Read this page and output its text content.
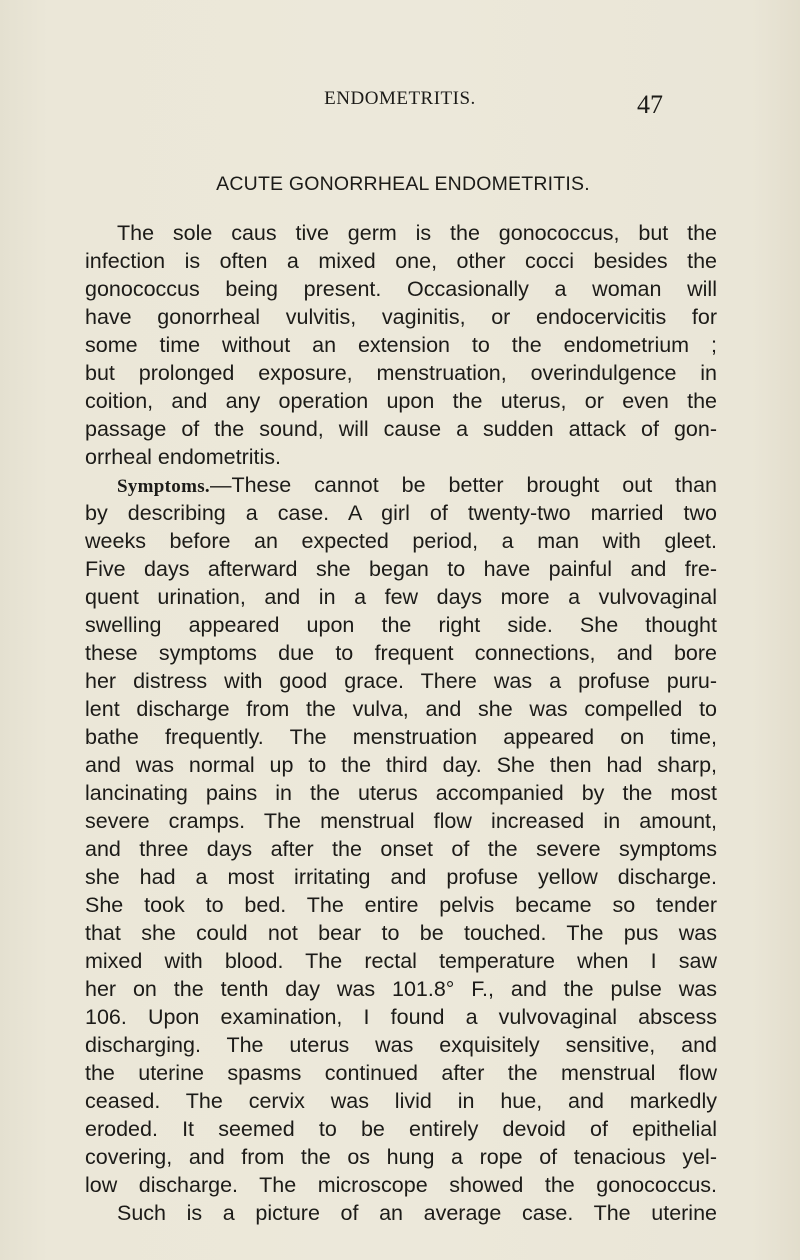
ENDOMETRITIS.	47
ACUTE GONORRHEAL ENDOMETRITIS.
The sole caus tive germ is the gonococcus, but the
infection is often a mixed one, other cocci besides the
gonococcus being present. Occasionally a woman will
have gonorrheal vulvitis, vaginitis, or endocervicitis for
some time without an extension to the endometrium ;
but prolonged exposure, menstruation, overindulgence in
coition, and any operation upon the uterus, or even the
passage of the sound, will cause a sudden attack of gon-
orrheal endometritis.
Symptoms.—These cannot be better brought out than
by describing a case. A girl of twenty-two married two
weeks before an expected period, a man with gleet.
Five days afterward she began to have painful and fre-
quent urination, and in a few days more a vulvovaginal
swelling appeared upon the right side. She thought
these symptoms due to frequent connections, and bore
her distress with good grace. There was a profuse puru-
lent discharge from the vulva, and she was compelled to
bathe frequently. The menstruation appeared on time,
and was normal up to the third day. She then had sharp,
lancinating pains in the uterus accompanied by the most
severe cramps. The menstrual flow increased in amount,
and three days after the onset of the severe symptoms
she had a most irritating and profuse yellow discharge.
She took to bed. The entire pelvis became so tender
that she could not bear to be touched. The pus was
mixed with blood. The rectal temperature when I saw
her on the tenth day was 101.8° F., and the pulse was
106. Upon examination, I found a vulvovaginal abscess
discharging. The uterus was exquisitely sensitive, and
the uterine spasms continued after the menstrual flow
ceased. The cervix was livid in hue, and markedly
eroded. It seemed to be entirely devoid of epithelial
covering, and from the os hung a rope of tenacious yel-
low discharge. The microscope showed the gonococcus.
Such is a picture of an average case. The uterine
